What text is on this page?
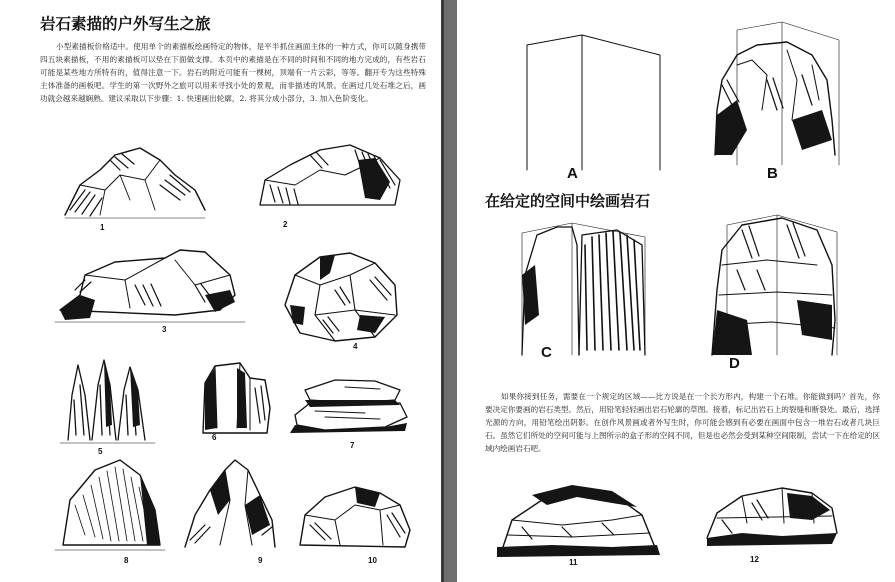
岩石素描的户外写生之旅

小型素描板价格适中。使用单个的素描板绘画特定的物体，是平半抓住画面主体的一种方式，你可以随身携带四五块素描板，不用的素描板可以垫在下面做支撑。本页中的素描是在不同的时间和不同的地方完成的，有些岩石可能是某些地方所特有的，值得注意一下。岩石的附近可能有一棵树，顶端有一片云彩，等等。翻开专为这些特殊主体准备的画板吧。学生的第一次野外之旅可以用来寻找小处的景观，而非描述的风景。在画过几处石堆之后，画功就会越来越娴熟。建议采取以下步骤：1. 快速画出轮廓，2. 将其分成小部分，3. 加入色阶变化。

1	2
3
4
5
6
7
8	9	10
A	B
在给定的空间中绘画岩石
C
D

如果你接到任务，需要在一个规定的区域——比方说是在一个长方形内，构建一个石堆。你能做到吗？首先，你要决定你要画的岩石类型。然后，用铅笔轻轻画出岩石轮廓的草图。接着，标记出岩石上的裂缝和断裂处。最后，选择光源的方向，用铅笔绘出阴影。在创作风景画或者外写生时，你可能会感到有必要在画面中包含一堆岩石或者几块巨石。虽然它们所处的空间可能与上图所示的盒子形的空间不同，但是也必然会受到某种空间限制，尝试一下在给定的区域内绘画岩石吧。

11	12
